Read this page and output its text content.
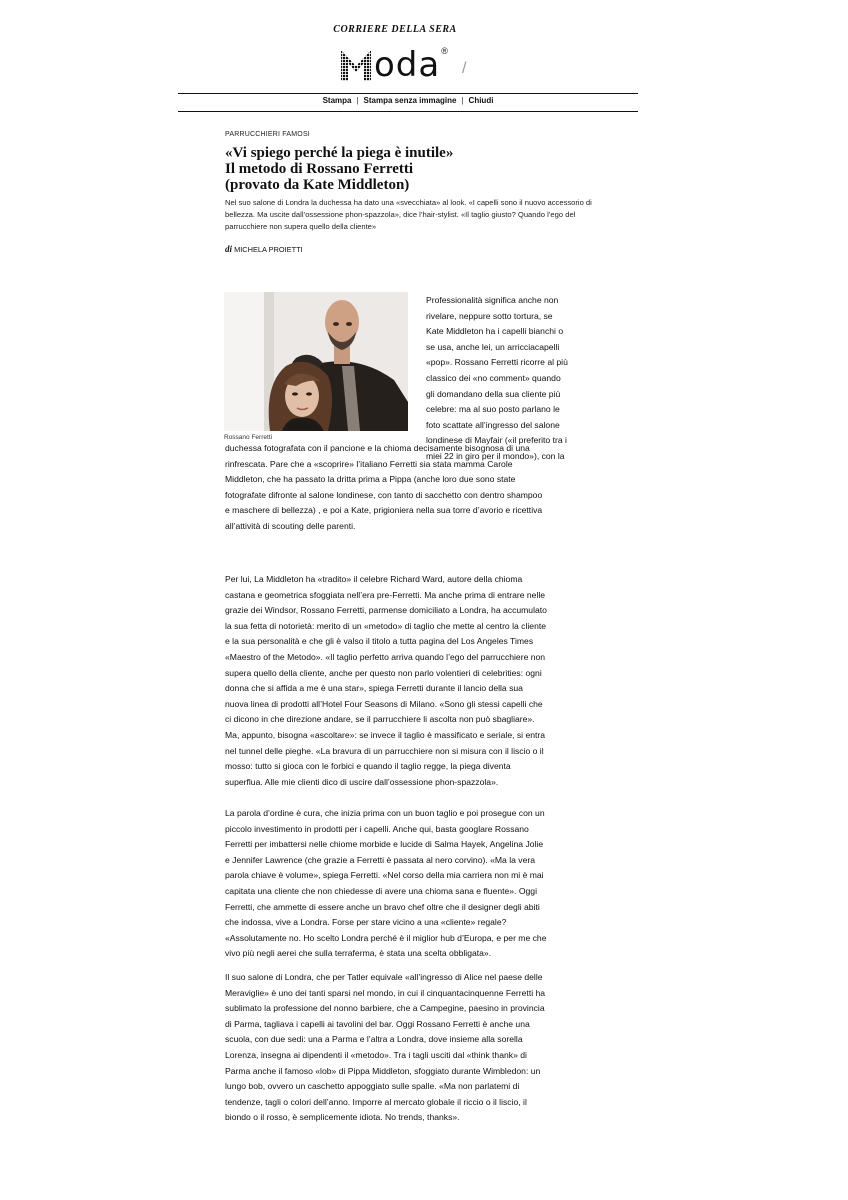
CORRIERE DELLA SERA
oda ®
/
Stampa | Stampa senza immagine | Chiudi
PARRUCCHIERI FAMOSI
«Vi spiego perché la piega è inutile»
Il metodo di Rossano Ferretti
(provato da Kate Middleton)
Nel suo salone di Londra la duchessa ha dato una «svecchiata» al look. «I capelli sono il nuovo accessorio di bellezza. Ma uscite dall’ossessione phon-spazzola», dice l’hair-stylist. «Il taglio giusto? Quando l’ego del parrucchiere non supera quello della cliente»
di MICHELA PROIETTI
Rossano Ferretti
Professionalità significa anche non
rivelare, neppure sotto tortura, se
Kate Middleton ha i capelli bianchi o
se usa, anche lei, un arricciacapelli
«pop». Rossano Ferretti ricorre al più
classico dei «no comment» quando
gli domandano della sua cliente più
celebre: ma al suo posto parlano le
foto scattate all’ingresso del salone
londinese di Mayfair («il preferito tra i
miei 22 in giro per il mondo»), con la
duchessa fotografata con il pancione e la chioma decisamente bisognosa di una
rinfrescata. Pare che a «scoprire» l’italiano Ferretti sia stata mamma Carole
Middleton, che ha passato la dritta prima a Pippa (anche loro due sono state
fotografate difronte al salone londinese, con tanto di sacchetto con dentro shampoo
e maschere di bellezza) , e poi a Kate, prigioniera nella sua torre d’avorio e ricettiva
all’attività di scouting delle parenti.
Per lui, La Middleton ha «tradito» il celebre Richard Ward, autore della chioma
castana e geometrica sfoggiata nell’era pre-Ferretti. Ma anche prima di entrare nelle
grazie dei Windsor, Rossano Ferretti, parmense domiciliato a Londra, ha accumulato
la sua fetta di notorietà: merito di un «metodo» di taglio che mette al centro la cliente
e la sua personalità e che gli è valso il titolo a tutta pagina del Los Angeles Times
«Maestro of the Metodo». «Il taglio perfetto arriva quando l’ego del parrucchiere non
supera quello della cliente, anche per questo non parlo volentieri di celebrities: ogni
donna che si affida a me è una star», spiega Ferretti durante il lancio della sua
nuova linea di prodotti all’Hotel Four Seasons di Milano. «Sono gli stessi capelli che
ci dicono in che direzione andare, se il parrucchiere li ascolta non può sbagliare».
Ma, appunto, bisogna «ascoltare»: se invece il taglio è massificato e seriale, si entra
nel tunnel delle pieghe. «La bravura di un parrucchiere non si misura con il liscio o il
mosso: tutto si gioca con le forbici e quando il taglio regge, la piega diventa
superflua. Alle mie clienti dico di uscire dall’ossessione phon-spazzola».
La parola d’ordine è cura, che inizia prima con un buon taglio e poi prosegue con un
piccolo investimento in prodotti per i capelli. Anche qui, basta googlare Rossano
Ferretti per imbattersi nelle chiome morbide e lucide di Salma Hayek, Angelina Jolie
e Jennifer Lawrence (che grazie a Ferretti è passata al nero corvino). «Ma la vera
parola chiave è volume», spiega Ferretti. «Nel corso della mia carriera non mi è mai
capitata una cliente che non chiedesse di avere una chioma sana e fluente». Oggi
Ferretti, che ammette di essere anche un bravo chef oltre che il designer degli abiti
che indossa, vive a Londra. Forse per stare vicino a una «cliente» regale?
«Assolutamente no. Ho scelto Londra perché è il miglior hub d’Europa, e per me che
vivo più negli aerei che sulla terraferma, è stata una scelta obbligata».
Il suo salone di Londra, che per Tatler equivale «all’ingresso di Alice nel paese delle
Meraviglie» è uno dei tanti sparsi nel mondo, in cui il cinquantacinquenne Ferretti ha
sublimato la professione del nonno barbiere, che a Campegine, paesino in provincia
di Parma, tagliava i capelli ai tavolini del bar. Oggi Rossano Ferretti è anche una
scuola, con due sedi: una a Parma e l’altra a Londra, dove insieme alla sorella
Lorenza, insegna ai dipendenti il «metodo». Tra i tagli usciti dal «think thank» di
Parma anche il famoso «lob» di Pippa Middleton, sfoggiato durante Wimbledon: un
lungo bob, ovvero un caschetto appoggiato sulle spalle. «Ma non parlatemi di
tendenze, tagli o colori dell’anno. Imporre al mercato globale il riccio o il liscio, il
biondo o il rosso, è semplicemente idiota. No trends, thanks».
